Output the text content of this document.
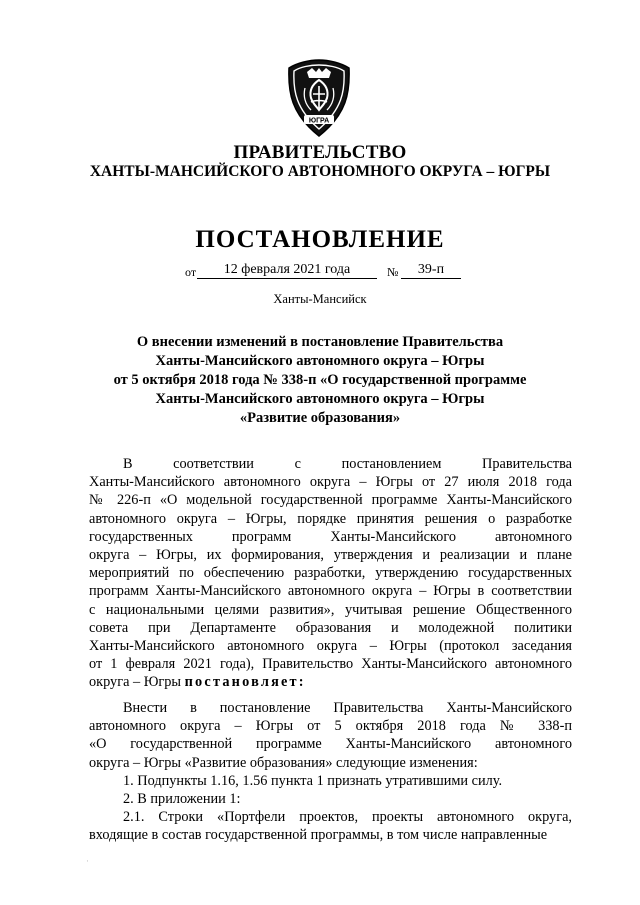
ЮГРА
ПРАВИТЕЛЬСТВО
ХАНТЫ-МАНСИЙСКОГО АВТОНОМНОГО ОКРУГА – ЮГРЫ
ПОСТАНОВЛЕНИЕ
от	12 февраля 2021 года	№	39-п
Ханты-Мансийск
О внесении изменений в постановление Правительства
Ханты-Мансийского автономного округа – Югры
от 5 октября 2018 года № 338-п «О государственной программе
Ханты-Мансийского автономного округа – Югры
«Развитие образования»
В соответствии с постановлением Правительства
Ханты-Мансийского автономного округа – Югры от 27 июля 2018 года
№ 226-п «О модельной государственной программе Ханты-Мансийского
автономного округа – Югры, порядке принятия решения о разработке
государственных программ Ханты-Мансийского автономного
округа – Югры, их формирования, утверждения и реализации и плане
мероприятий по обеспечению разработки, утверждению государственных
программ Ханты-Мансийского автономного округа – Югры в соответствии
с национальными целями развития», учитывая решение Общественного
совета при Департаменте образования и молодежной политики
Ханты-Мансийского автономного округа – Югры (протокол заседания
от 1 февраля 2021 года), Правительство Ханты-Мансийского автономного
округа – Югры постановляет:
Внести в постановление Правительства Ханты-Мансийского
автономного округа – Югры от 5 октября 2018 года № 338-п
«О государственной программе Ханты-Мансийского автономного
округа – Югры «Развитие образования» следующие изменения:
1. Подпункты 1.16, 1.56 пункта 1 признать утратившими силу.
2. В приложении 1:
2.1. Строки «Портфели проектов, проекты автономного округа,
входящие в состав государственной программы, в том числе направленные
·
